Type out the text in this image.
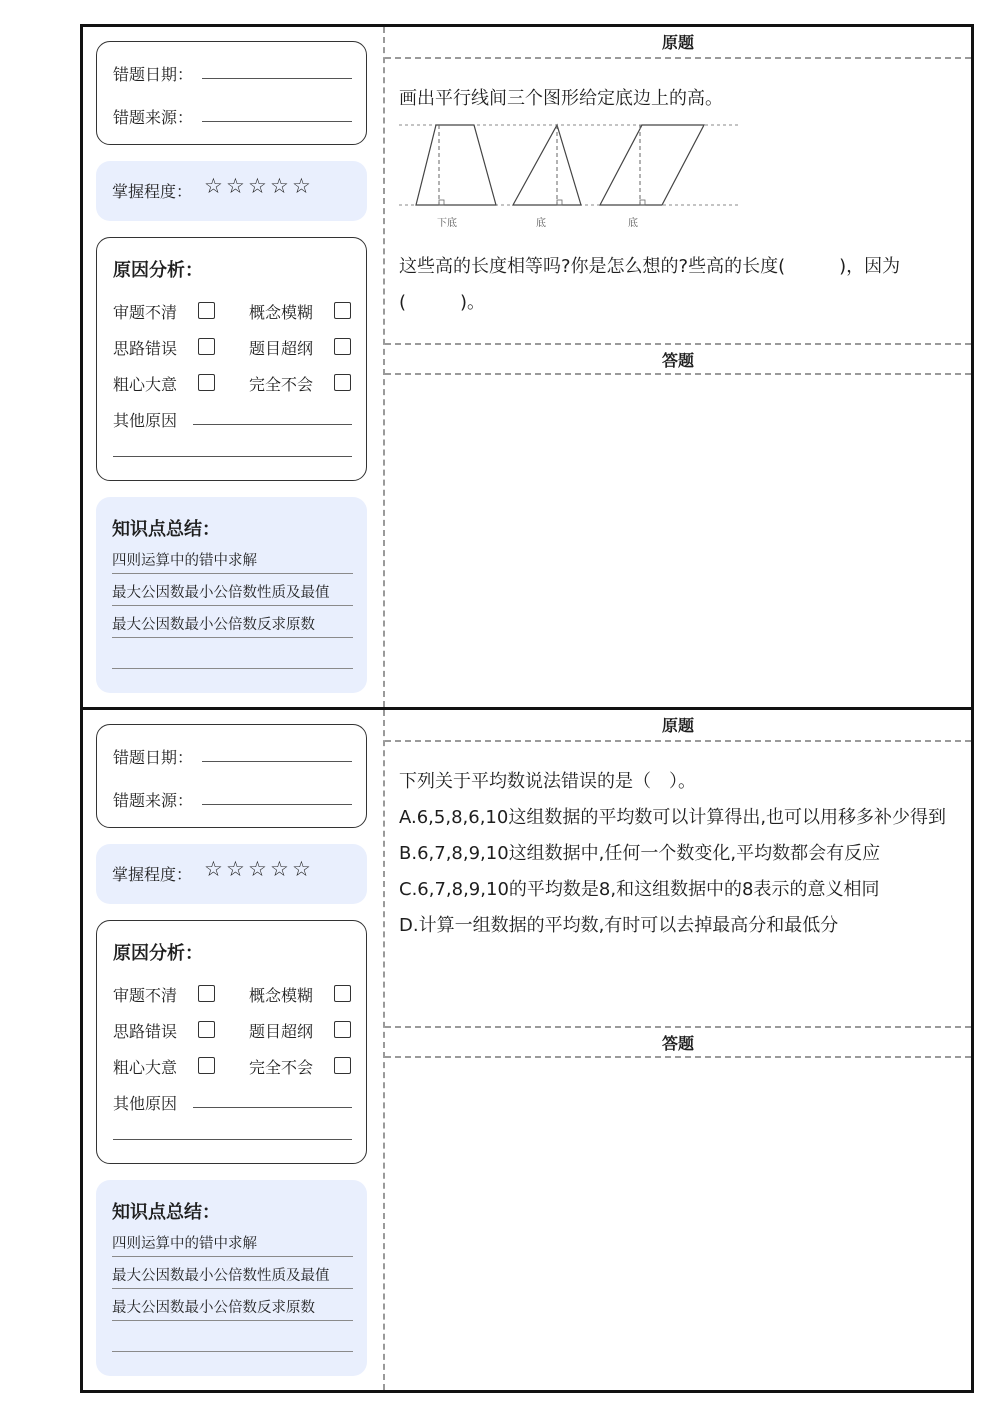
错题日期：
错题来源：
掌握程度： ☆☆☆☆☆
原因分析：
审题不清	概念模糊
思路错误	题目超纲
粗心大意	完全不会
其他原因
知识点总结：
四则运算中的错中求解
最大公因数最小公倍数性质及最值
最大公因数最小公倍数反求原数
原题
画出平行线间三个图形给定底边上的高。
下底	底	底
这些高的长度相等吗?你是怎么想的?些高的长度(　　　)，因为(　　　)。
答题
错题日期：
错题来源：
掌握程度： ☆☆☆☆☆
原因分析：
审题不清	概念模糊
思路错误	题目超纲
粗心大意	完全不会
其他原因
知识点总结：
四则运算中的错中求解
最大公因数最小公倍数性质及最值
最大公因数最小公倍数反求原数
原题
下列关于平均数说法错误的是（　）。
A.6,5,8,6,10这组数据的平均数可以计算得出,也可以用移多补少得到
B.6,7,8,9,10这组数据中,任何一个数变化,平均数都会有反应
C.6,7,8,9,10的平均数是8,和这组数据中的8表示的意义相同
D.计算一组数据的平均数,有时可以去掉最高分和最低分
答题
